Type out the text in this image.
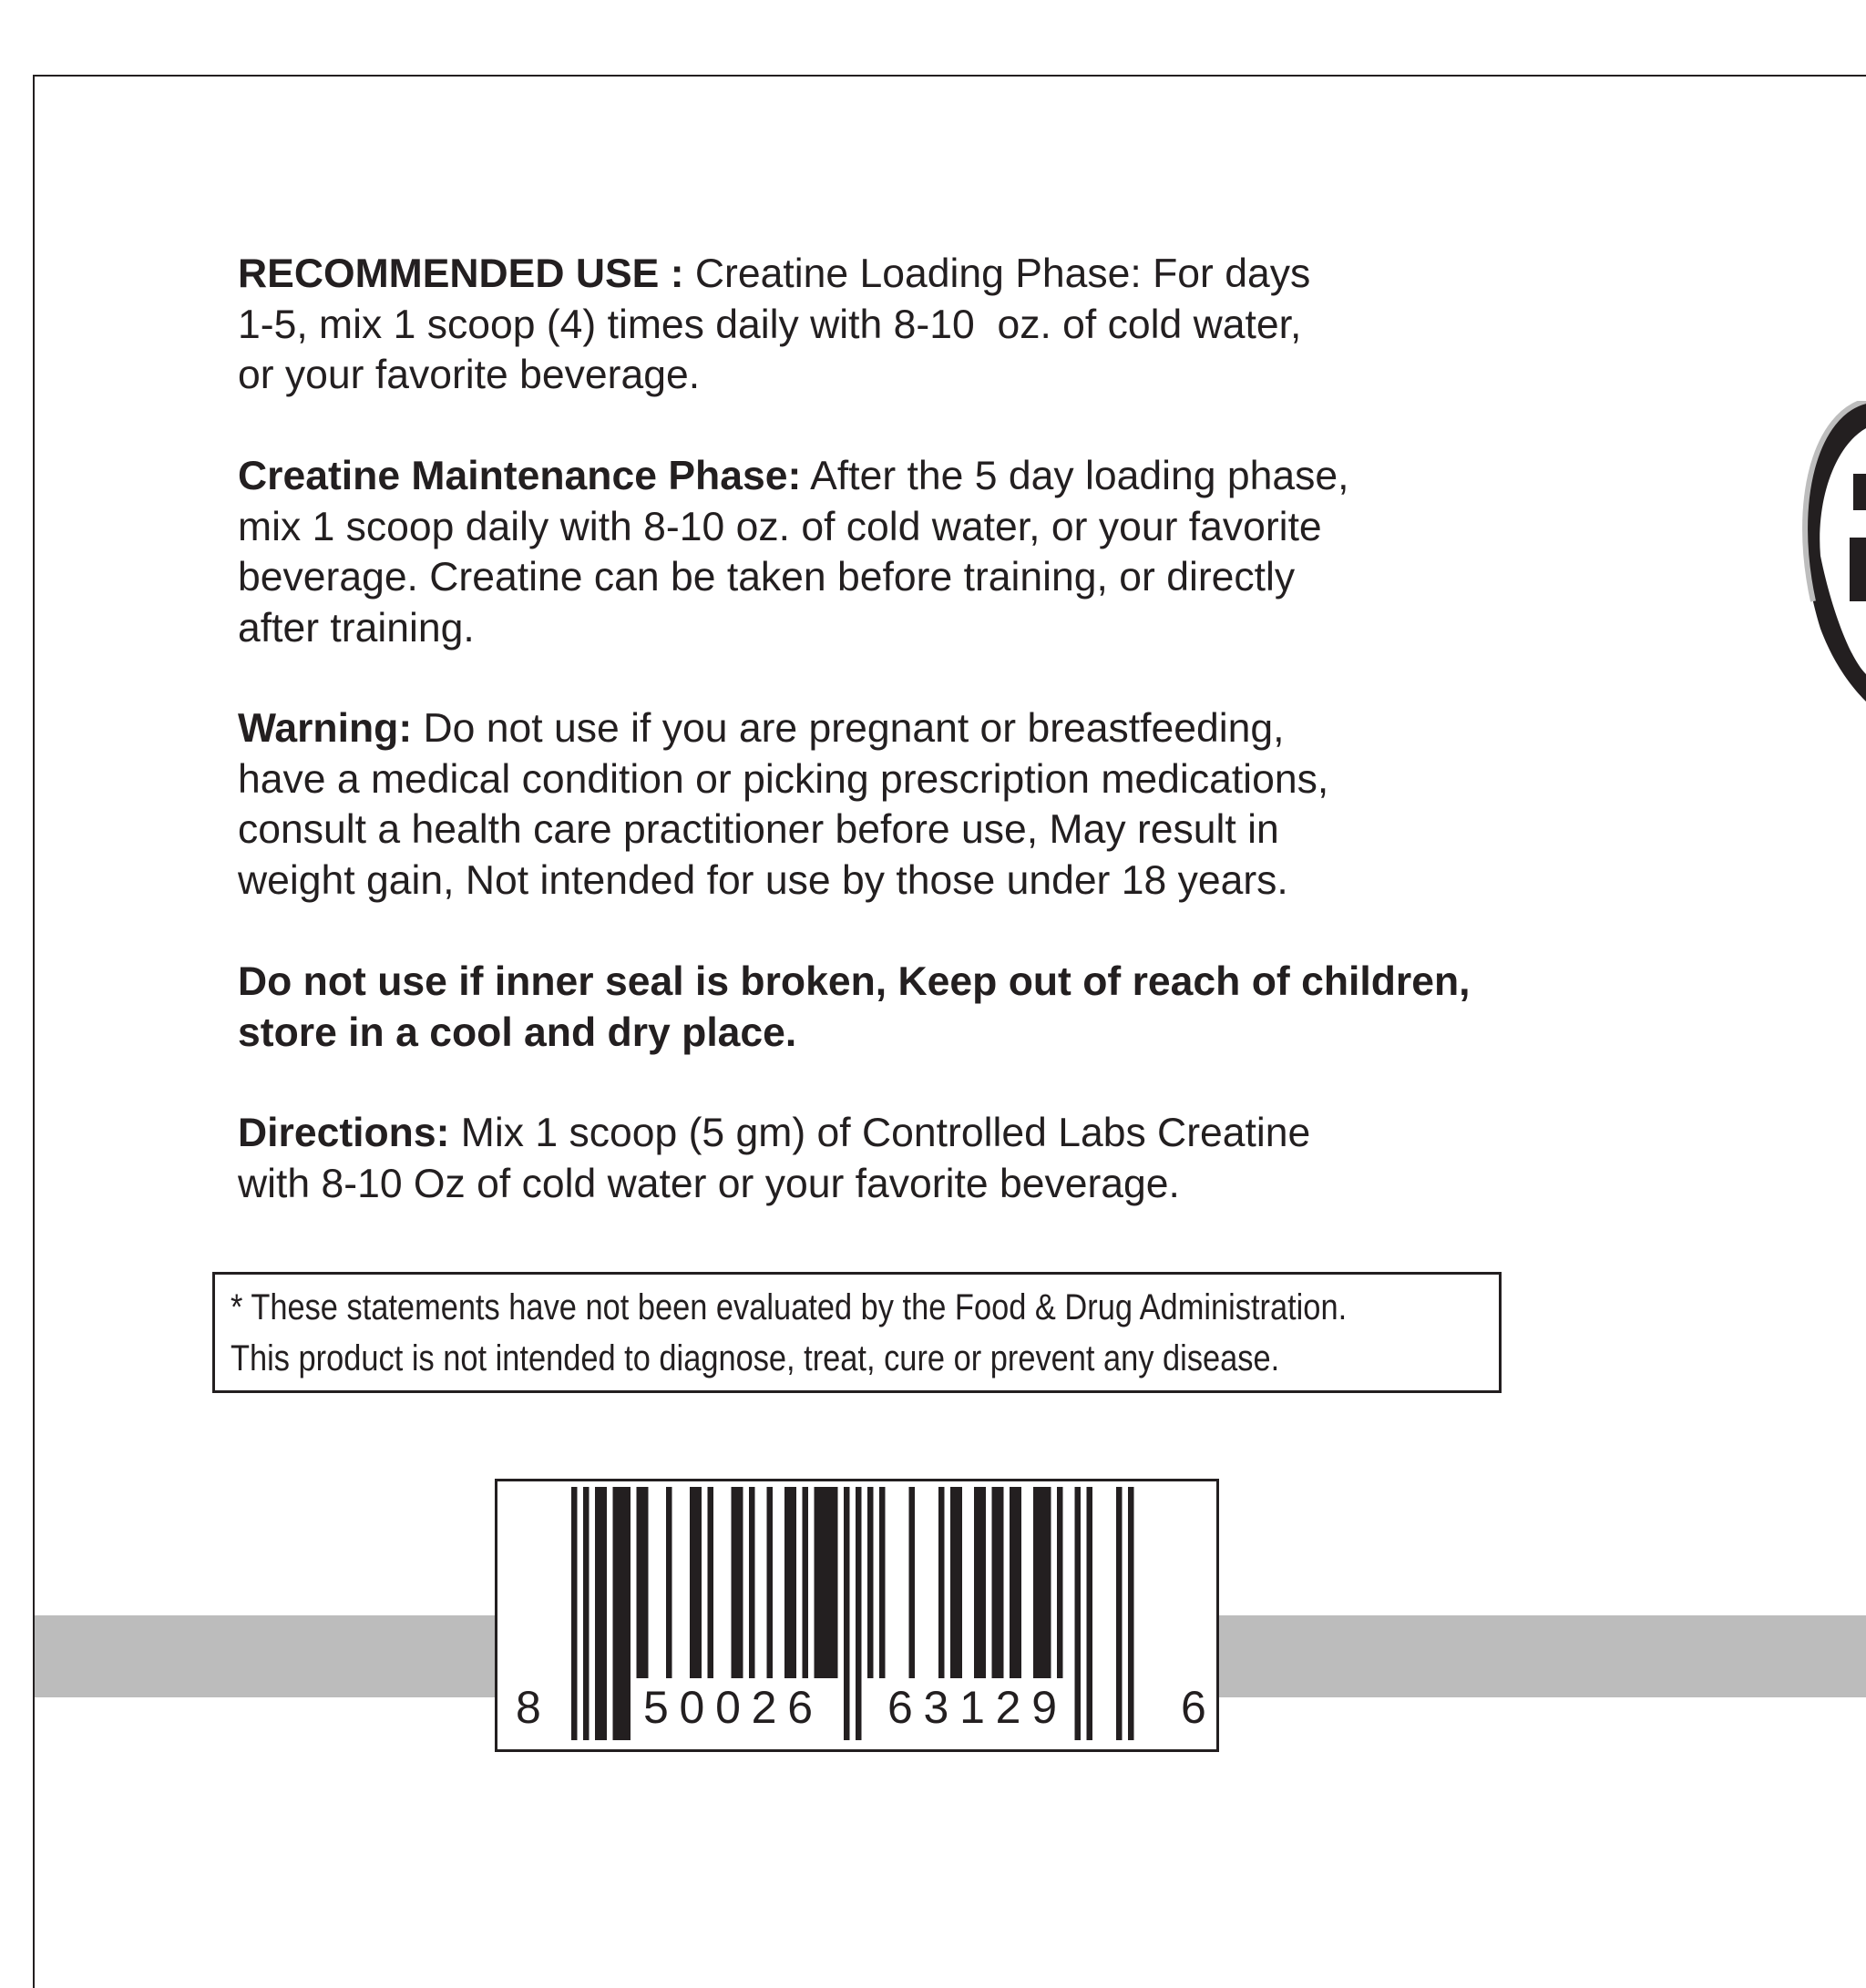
RECOMMENDED USE : Creatine Loading Phase: For days
1-5, mix 1 scoop (4) times daily with 8-10  oz. of cold water,
or your favorite beverage.

Creatine Maintenance Phase: After the 5 day loading phase,
mix 1 scoop daily with 8-10 oz. of cold water, or your favorite
beverage. Creatine can be taken before training, or directly
after training.

Warning: Do not use if you are pregnant or breastfeeding,
have a medical condition or picking prescription medications,
consult a health care practitioner before use, May result in
weight gain, Not intended for use by those under 18 years.

Do not use if inner seal is broken, Keep out of reach of children,
store in a cool and dry place.

Directions: Mix 1 scoop (5 gm) of Controlled Labs Creatine
with 8-10 Oz of cold water or your favorite beverage.

* These statements have not been evaluated by the Food & Drug Administration.
This product is not intended to diagnose, treat, cure or prevent any disease.
8 50026 63129	6
